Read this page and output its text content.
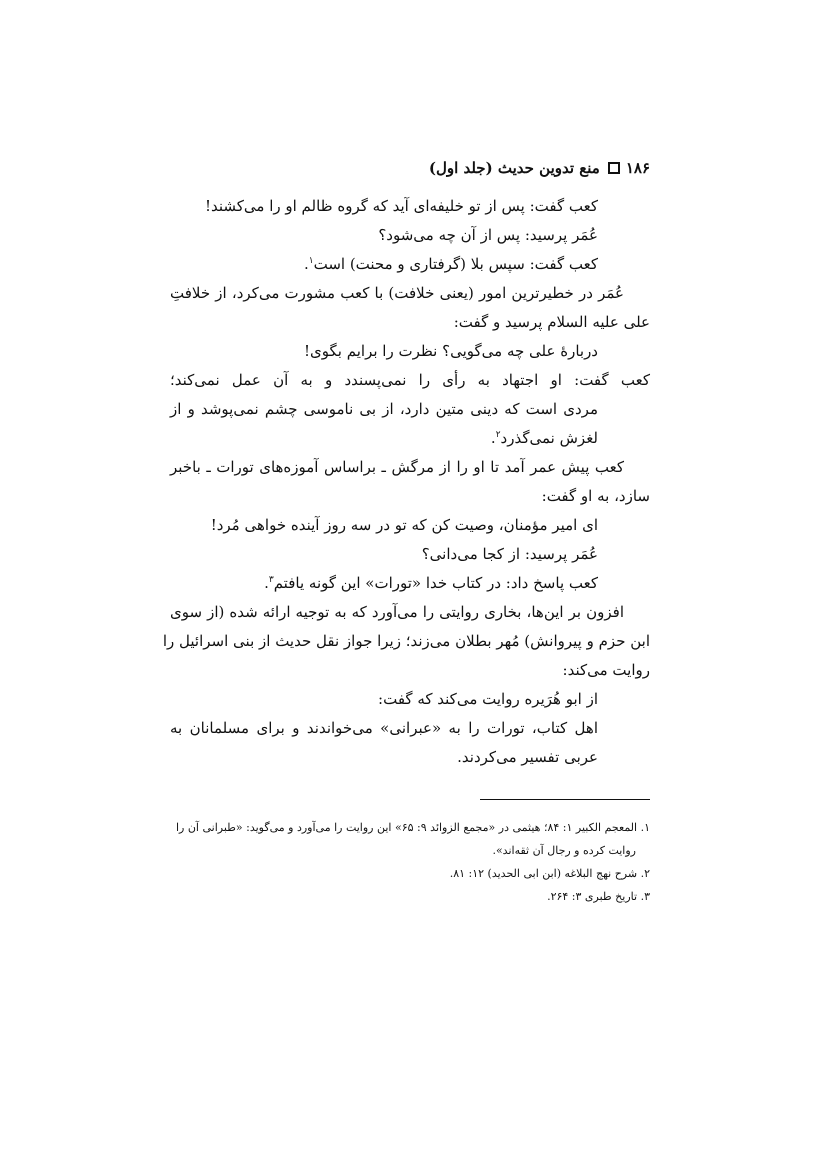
۱۸۶
منع تدوین حدیث (جلد اول)
کعب گفت: پس از تو خلیفه‌ای آید که گروه ظالم او را می‌کشند!
عُمَر پرسید: پس از آن چه می‌شود؟
کعب گفت: سپس بلا (گرفتاری و محنت) است$^۱$.
عُمَر در خطیرترین امور (یعنی خلافت) با کعب مشورت می‌کرد، از خلافتِ
علی علیه السلام پرسید و گفت:
دربارهٔ علی چه می‌گویی؟ نظرت را برایم بگوی!
کعب گفت: او اجتهاد به رأی را نمی‌پسندد و به آن عمل نمی‌کند؛
مردی است که دینی متین دارد، از بی ناموسی چشم نمی‌پوشد و از
لغزش نمی‌گذرد$^۲$.
کعب پیش عمر آمد تا او را از مرگش ـ براساس آموزه‌های تورات ـ باخبر
سازد، به او گفت:
ای امیر مؤمنان، وصیت کن که تو در سه روز آینده خواهی مُرد!
عُمَر پرسید: از کجا می‌دانی؟
کعب پاسخ داد: در کتاب خدا «تورات» این گونه یافتم$^۳$.
افزون بر این‌ها، بخاری روایتی را می‌آورد که به توجیه ارائه شده (از سوی
ابن حزم و پیروانش) مُهر بطلان می‌زند؛ زیرا جواز نقل حدیث از بنی اسرائیل را
روایت می‌کند:
از ابو هُرَیره روایت می‌کند که گفت:
اهل کتاب، تورات را به «عبرانی» می‌خواندند و برای مسلمانان به
عربی تفسیر می‌کردند.
۱. المعجم الکبیر ۱: ۸۴؛ هیثمی در «مجمع الزوائد ۹: ۶۵» این روایت را می‌آورد و می‌گوید: «طبرانی آن را
روایت کرده و رجال آن ثقه‌اند».
۲. شرح نهج البلاغه (ابن ابی الحدید) ۱۲: ۸۱.
۳. تاریخ طبری ۳: ۲۶۴.
